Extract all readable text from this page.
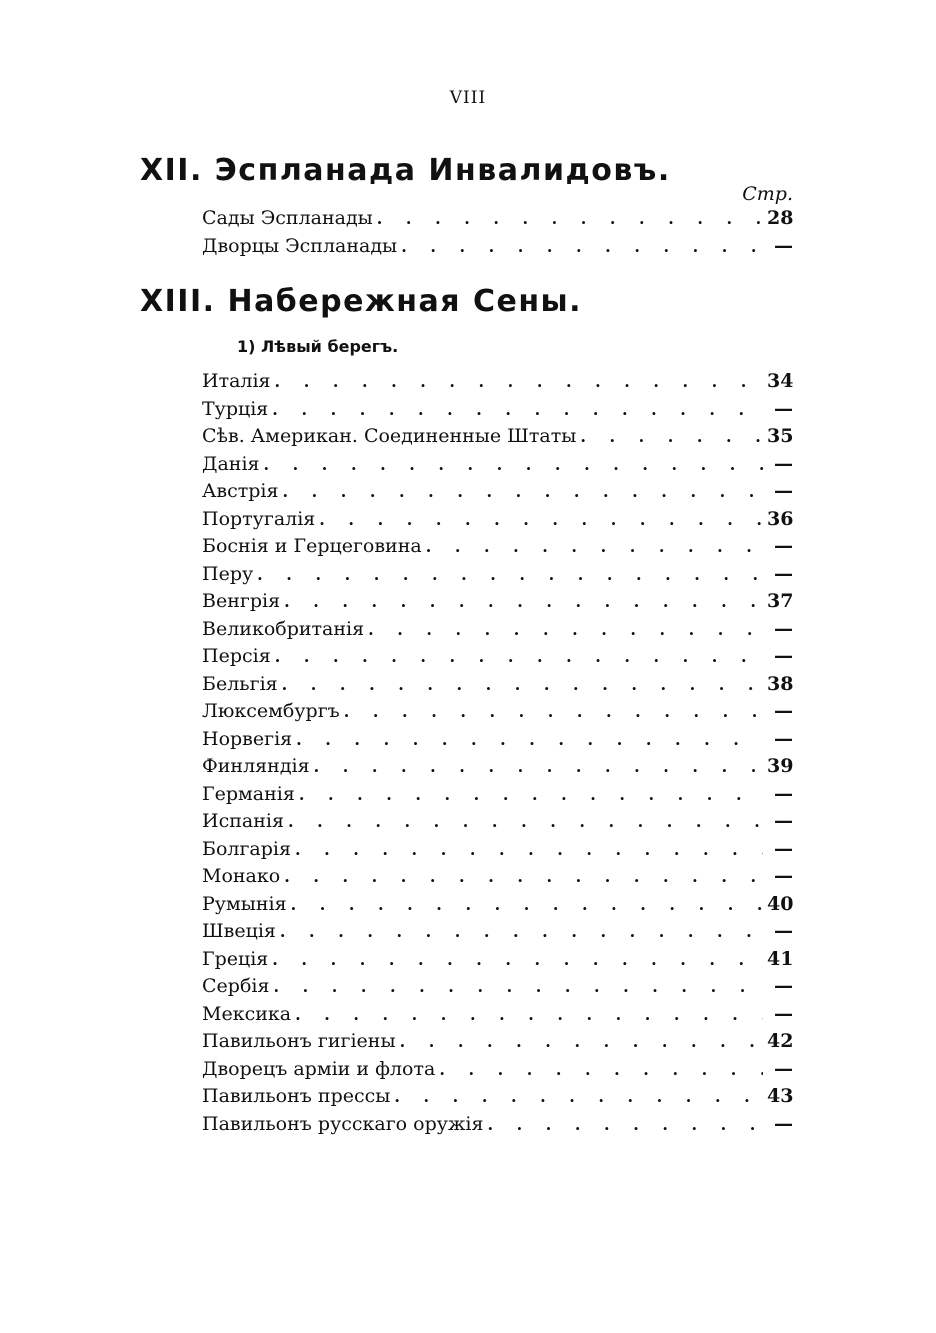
VIII
XII. Эспланада Инвалидовъ.
Стр.
Сады Эспланады . . .	28
Дворцы Эспланады . . .	—
XIII. Набережная Сены.
1) Лѣвый берегъ.
Италія . . .	34
Турція . . .	—
Сѣв. Американ. Соединенные Штаты . . .	35
Данія . . .	—
Австрія . . .	—
Португалія . . .	36
Боснія и Герцеговина . . .	—
Перу . . .	—
Венгрія . . .	37
Великобританія . . .	—
Персія . . .	—
Бельгія . . .	38
Люксембургъ . . .	—
Норвегія . . .	—
Финляндія . . .	39
Германія . . .	—
Испанія . . .	—
Болгарія . . .	—
Монако . . .	—
Румынія . . .	40
Швеція . . .	—
Греція . . .	41
Сербія . . .	—
Мексика . . .	—
Павильонъ гигіены . . .	42
Дворецъ арміи и флота . . .	—
Павильонъ прессы . . .	43
Павильонъ русскаго оружія . . .	—
